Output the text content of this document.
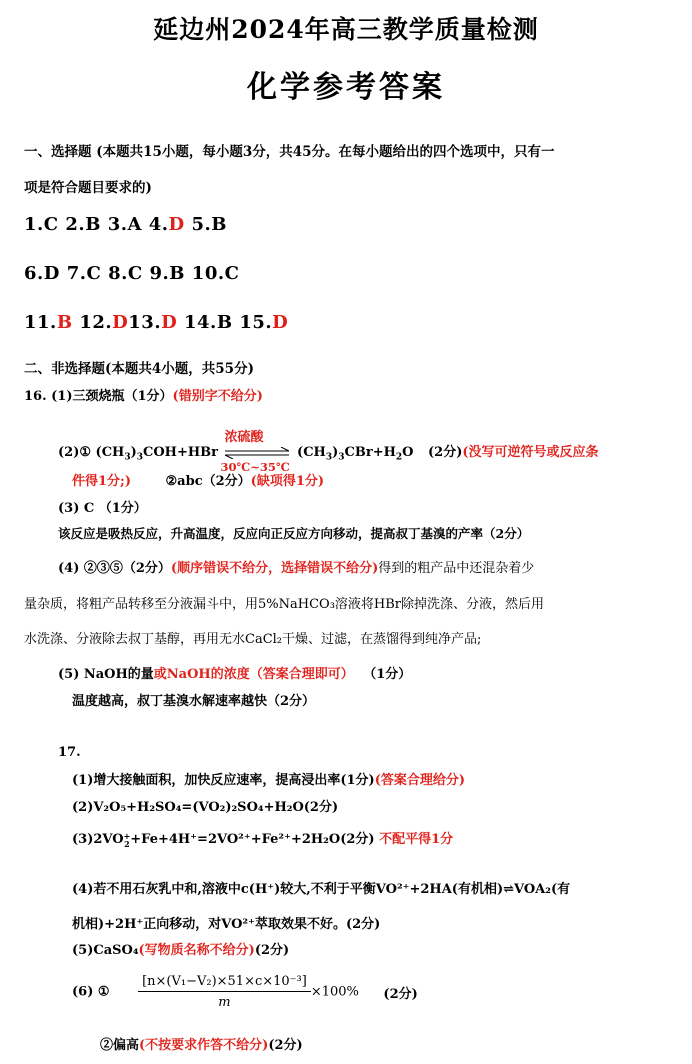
延边州2024年高三教学质量检测
化学参考答案
一、选择题 (本题共15小题，每小题3分，共45分。在每小题给出的四个选项中，只有一
项是符合题目要求的)
1.C 2.B 3.A 4.D 5.B
6.D 7.C 8.C 9.B 10.C
11.B 12.D13.D 14.B 15.D
二、非选择题(本题共4小题，共55分)
16. (1)三颈烧瓶（1分）(错别字不给分)
(2)① $(CH_3)_3COH+HBr$
浓硫酸
30℃~35℃
$(CH_3)_3CBr+H_2O$ (2分)(没写可逆符号或反应条
件得1分;)	②abc（2分）(缺项得1分)
(3) C （1分）
该反应是吸热反应，升高温度，反应向正反应方向移动，提高叔丁基溴的产率（2分）
(4) ②③⑤（2分）(顺序错误不给分，选择错误不给分)得到的粗产品中还混杂着少
量杂质，将粗产品转移至分液漏斗中，用5%NaHCO₃溶液将HBr除掉洗涤、分液，然后用
水洗涤、分液除去叔丁基醇，再用无水CaCl₂干燥、过滤，在蒸馏得到纯净产品;
(5) NaOH的量或NaOH的浓度（答案合理即可） （1分）
温度越高，叔丁基溴水解速率越快（2分）
17.
(1)增大接触面积，加快反应速率，提高浸出率(1分)(答案合理给分)
(2)V₂O₅+H₂SO₄=(VO₂)₂SO₄+H₂O(2分)
(3)2VO +
2 +Fe+4H⁺=2VO²⁺+Fe²⁺+2H₂O(2分) 不配平得1分
(4)若不用石灰乳中和,溶液中c(H⁺)较大,不利于平衡VO²⁺+2HA(有机相)⇌VOA₂(有
机相)+2H⁺正向移动，对VO²⁺萃取效果不好。(2分)
(5)CaSO₄(写物质名称不给分)(2分)
(6) ① $\frac{\text{[n×(V₁−V₂)×51×c×10⁻³]}}{m} \times 100\%$ (2分)
②偏高(不按要求作答不给分)(2分)
